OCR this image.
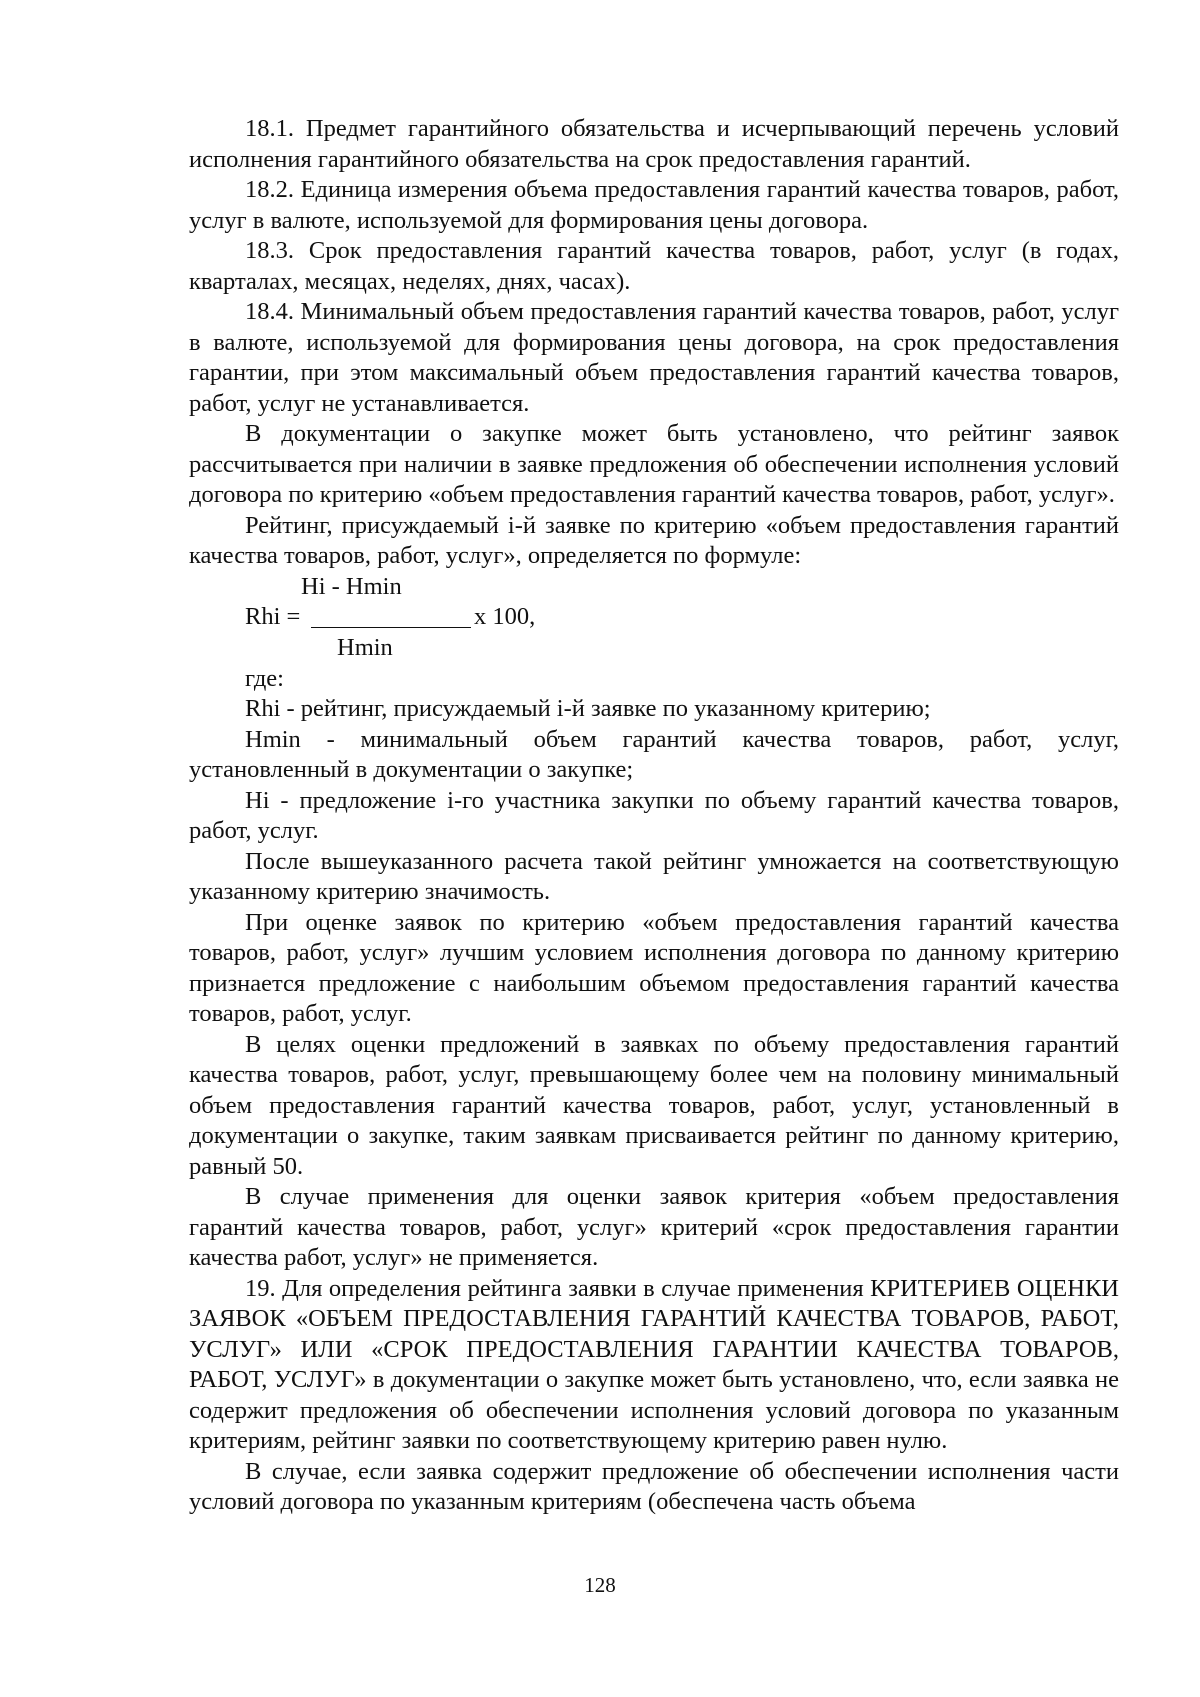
18.1. Предмет гарантийного обязательства и исчерпывающий перечень условий исполнения гарантийного обязательства на срок предоставления гарантий.

18.2. Единица измерения объема предоставления гарантий качества товаров, работ, услуг в валюте, используемой для формирования цены договора.

18.3. Срок предоставления гарантий качества товаров, работ, услуг (в годах, кварталах, месяцах, неделях, днях, часах).

18.4. Минимальный объем предоставления гарантий качества товаров, работ, услуг в валюте, используемой для формирования цены договора, на срок предоставления гарантии, при этом максимальный объем предоставления гарантий качества товаров, работ, услуг не устанавливается.

В документации о закупке может быть установлено, что рейтинг заявок рассчитывается при наличии в заявке предложения об обеспечении исполнения условий договора по критерию «объем предоставления гарантий качества товаров, работ, услуг».

Рейтинг, присуждаемый i-й заявке по критерию «объем предоставления гарантий качества товаров, работ, услуг», определяется по формуле:

Hi - Hmin
Rhi =	х 100,
Hmin

где:

Rhi - рейтинг, присуждаемый i-й заявке по указанному критерию;

Hmin - минимальный объем гарантий качества товаров, работ, услуг, установленный в документации о закупке;

Hi - предложение i-го участника закупки по объему гарантий качества товаров, работ, услуг.

После вышеуказанного расчета такой рейтинг умножается на соответствующую указанному критерию значимость.

При оценке заявок по критерию «объем предоставления гарантий качества товаров, работ, услуг» лучшим условием исполнения договора по данному критерию признается предложение с наибольшим объемом предоставления гарантий качества товаров, работ, услуг.

В целях оценки предложений в заявках по объему предоставления гарантий качества товаров, работ, услуг, превышающему более чем на половину минимальный объем предоставления гарантий качества товаров, работ, услуг, установленный в документации о закупке, таким заявкам присваивается рейтинг по данному критерию, равный 50.

В случае применения для оценки заявок критерия «объем предоставления гарантий качества товаров, работ, услуг» критерий «срок предоставления гарантии качества работ, услуг» не применяется.

19. Для определения рейтинга заявки в случае применения КРИТЕРИЕВ ОЦЕНКИ ЗАЯВОК «ОБЪЕМ ПРЕДОСТАВЛЕНИЯ ГАРАНТИЙ КАЧЕСТВА ТОВАРОВ, РАБОТ, УСЛУГ» ИЛИ «СРОК ПРЕДОСТАВЛЕНИЯ ГАРАНТИИ КАЧЕСТВА ТОВАРОВ, РАБОТ, УСЛУГ» в документации о закупке может быть установлено, что, если заявка не содержит предложения об обеспечении исполнения условий договора по указанным критериям, рейтинг заявки по соответствующему критерию равен нулю.

В случае, если заявка содержит предложение об обеспечении исполнения части условий договора по указанным критериям (обеспечена часть объема

128
